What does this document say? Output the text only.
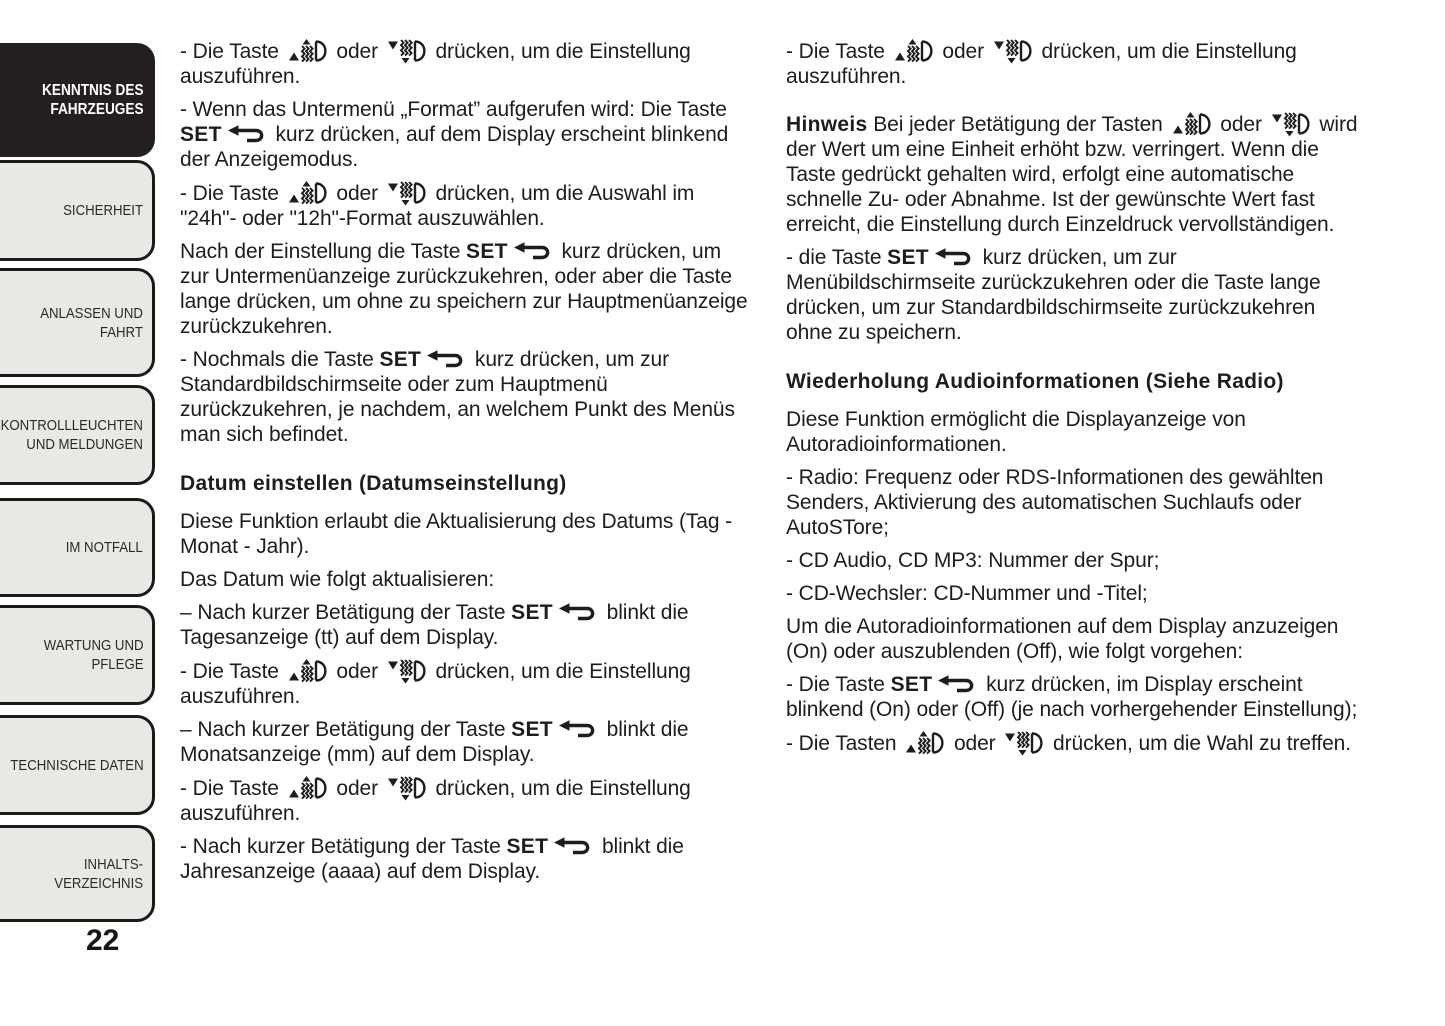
KENNTNIS DES
FAHRZEUGES
SICHERHEIT
ANLASSEN UND
FAHRT
KONTROLLLEUCHTEN
UND MELDUNGEN
IM NOTFALL
WARTUNG UND
PFLEGE
TECHNISCHE DATEN
INHALTS-
VERZEICHNIS
22

- Die Taste  oder  drücken, um die Einstellung auszuführen.

- Wenn das Untermenü „Format” aufgerufen wird: Die Taste SET kurz drücken, auf dem Display erscheint blinkend der Anzeigemodus.

- Die Taste  oder  drücken, um die Auswahl im "24h"- oder "12h"-Format auszuwählen.

Nach der Einstellung die Taste SET kurz drücken, um zur Untermenüanzeige zurückzukehren, oder aber die Taste lange drücken, um ohne zu speichern zur Hauptmenüanzeige zurückzukehren.

- Nochmals die Taste SET kurz drücken, um zur Standardbildschirmseite oder zum Hauptmenü zurückzukehren, je nachdem, an welchem Punkt des Menüs man sich befindet.

Datum einstellen (Datumseinstellung)

Diese Funktion erlaubt die Aktualisierung des Datums (Tag - Monat - Jahr).

Das Datum wie folgt aktualisieren:

– Nach kurzer Betätigung der Taste SET blinkt die Tagesanzeige (tt) auf dem Display.

- Die Taste  oder  drücken, um die Einstellung auszuführen.

– Nach kurzer Betätigung der Taste SET blinkt die Monatsanzeige (mm) auf dem Display.

- Die Taste  oder  drücken, um die Einstellung auszuführen.

- Nach kurzer Betätigung der Taste SET blinkt die Jahresanzeige (aaaa) auf dem Display.

- Die Taste  oder  drücken, um die Einstellung auszuführen.

Hinweis Bei jeder Betätigung der Tasten  oder  wird der Wert um eine Einheit erhöht bzw. verringert. Wenn die Taste gedrückt gehalten wird, erfolgt eine automatische schnelle Zu- oder Abnahme. Ist der gewünschte Wert fast erreicht, die Einstellung durch Einzeldruck vervollständigen.

- die Taste SET kurz drücken, um zur Menübildschirmseite zurückzukehren oder die Taste lange drücken, um zur Standardbildschirmseite zurückzukehren ohne zu speichern.

Wiederholung Audioinformationen (Siehe Radio)

Diese Funktion ermöglicht die Displayanzeige von Autoradioinformationen.

- Radio: Frequenz oder RDS-Informationen des gewählten Senders, Aktivierung des automatischen Suchlaufs oder AutoSTore;

- CD Audio, CD MP3: Nummer der Spur;

- CD-Wechsler: CD-Nummer und -Titel;

Um die Autoradioinformationen auf dem Display anzuzeigen (On) oder auszublenden (Off), wie folgt vorgehen:

- Die Taste SET kurz drücken, im Display erscheint blinkend (On) oder (Off) (je nach vorhergehender Einstellung);

- Die Tasten  oder  drücken, um die Wahl zu treffen.
